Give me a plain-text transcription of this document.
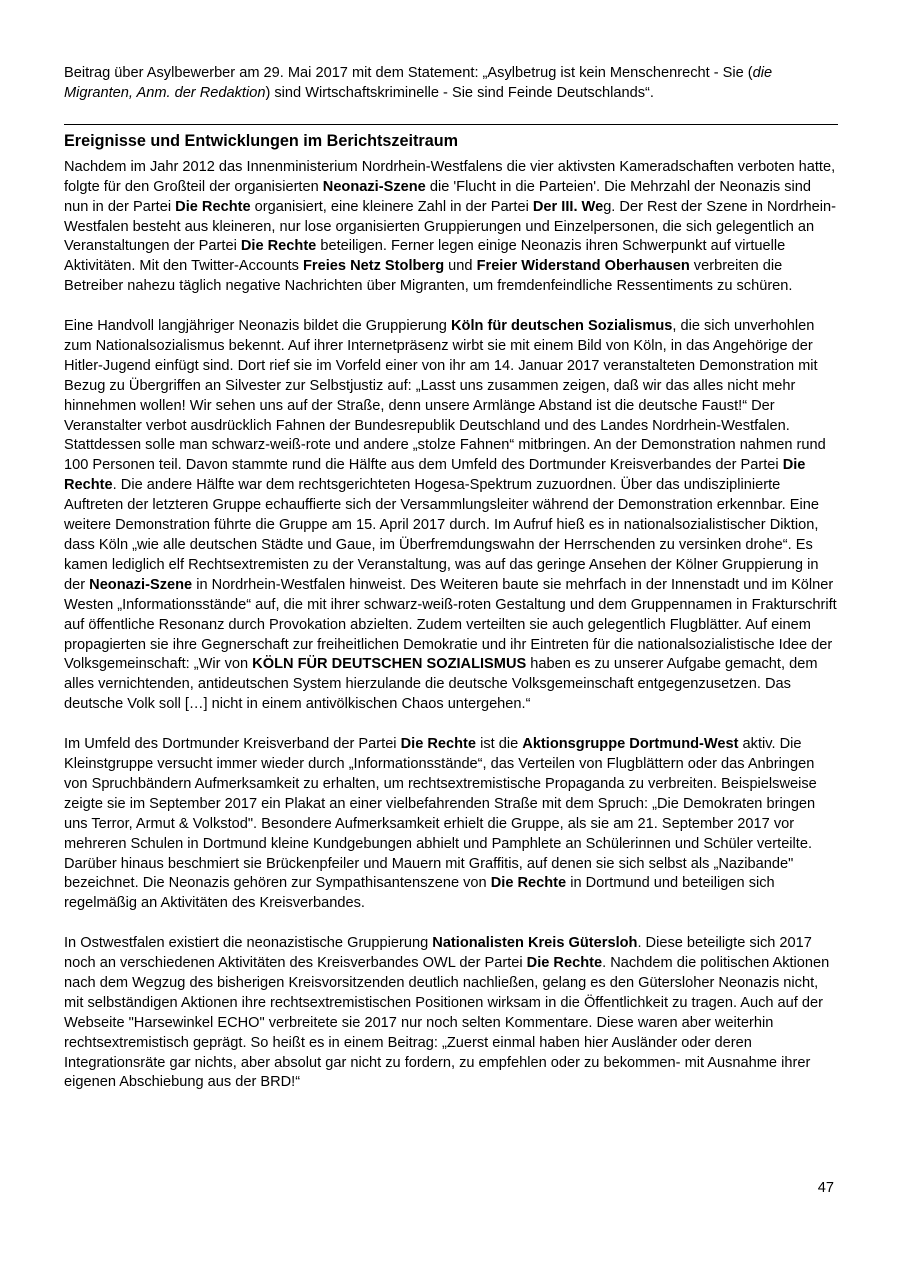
Beitrag über Asylbewerber am 29. Mai 2017 mit dem Statement: „Asylbetrug ist kein Menschenrecht - Sie (die Migranten, Anm. der Redaktion) sind Wirtschaftskriminelle - Sie sind Feinde Deutschlands“.

Ereignisse und Entwicklungen im Berichtszeitraum

Nachdem im Jahr 2012 das Innenministerium Nordrhein-Westfalens die vier aktivsten Kameradschaften verboten hatte, folgte für den Großteil der organisierten Neonazi-Szene die 'Flucht in die Parteien'. Die Mehrzahl der Neonazis sind nun in der Partei Die Rechte organisiert, eine kleinere Zahl in der Partei Der III. Weg. Der Rest der Szene in Nordrhein-Westfalen besteht aus kleineren, nur lose organisierten Gruppierungen und Einzelpersonen, die sich gelegentlich an Veranstaltungen der Partei Die Rechte beteiligen. Ferner legen einige Neonazis ihren Schwerpunkt auf virtuelle Aktivitäten. Mit den Twitter-Accounts Freies Netz Stolberg und Freier Widerstand Oberhausen verbreiten die Betreiber nahezu täglich negative Nachrichten über Migranten, um fremdenfeindliche Ressentiments zu schüren.

Eine Handvoll langjähriger Neonazis bildet die Gruppierung Köln für deutschen Sozialismus, die sich unverhohlen zum Nationalsozialismus bekennt. Auf ihrer Internetpräsenz wirbt sie mit einem Bild von Köln, in das Angehörige der Hitler-Jugend einfügt sind. Dort rief sie im Vorfeld einer von ihr am 14. Januar 2017 veranstalteten Demonstration mit Bezug zu Übergriffen an Silvester zur Selbstjustiz auf: „Lasst uns zusammen zeigen, daß wir das alles nicht mehr hinnehmen wollen! Wir sehen uns auf der Straße, denn unsere Armlänge Abstand ist die deutsche Faust!“ Der Veranstalter verbot ausdrücklich Fahnen der Bundesrepublik Deutschland und des Landes Nordrhein-Westfalen. Stattdessen solle man schwarz-weiß-rote und andere „stolze Fahnen“ mitbringen. An der Demonstration nahmen rund 100 Personen teil. Davon stammte rund die Hälfte aus dem Umfeld des Dortmunder Kreisverbandes der Partei Die Rechte. Die andere Hälfte war dem rechtsgerichteten Hogesa-Spektrum zuzuordnen. Über das undisziplinierte Auftreten der letzteren Gruppe echauffierte sich der Versammlungsleiter während der Demonstration erkennbar. Eine weitere Demonstration führte die Gruppe am 15. April 2017 durch. Im Aufruf hieß es in nationalsozialistischer Diktion, dass Köln „wie alle deutschen Städte und Gaue, im Überfremdungswahn der Herrschenden zu versinken drohe“. Es kamen lediglich elf Rechtsextremisten zu der Veranstaltung, was auf das geringe Ansehen der Kölner Gruppierung in der Neonazi-Szene in Nordrhein-Westfalen hinweist. Des Weiteren baute sie mehrfach in der Innenstadt und im Kölner Westen „Informationsstände“ auf, die mit ihrer schwarz-weiß-roten Gestaltung und dem Gruppennamen in Frakturschrift auf öffentliche Resonanz durch Provokation abzielten. Zudem verteilten sie auch gelegentlich Flugblätter. Auf einem propagierten sie ihre Gegnerschaft zur freiheitlichen Demokratie und ihr Eintreten für die nationalsozialistische Idee der Volksgemeinschaft: „Wir von KÖLN FÜR DEUTSCHEN SOZIALISMUS haben es zu unserer Aufgabe gemacht, dem alles vernichtenden, antideutschen System hierzulande die deutsche Volksgemeinschaft entgegenzusetzen. Das deutsche Volk soll […] nicht in einem antivölkischen Chaos untergehen.“

Im Umfeld des Dortmunder Kreisverband der Partei Die Rechte ist die Aktionsgruppe Dortmund-West aktiv. Die Kleinstgruppe versucht immer wieder durch „Informationsstände“, das Verteilen von Flugblättern oder das Anbringen von Spruchbändern Aufmerksamkeit zu erhalten, um rechtsextremistische Propaganda zu verbreiten. Beispielsweise zeigte sie im September 2017 ein Plakat an einer vielbefahrenden Straße mit dem Spruch: „Die Demokraten bringen uns Terror, Armut & Volkstod". Besondere Aufmerksamkeit erhielt die Gruppe, als sie am 21. September 2017 vor mehreren Schulen in Dortmund kleine Kundgebungen abhielt und Pamphlete an Schülerinnen und Schüler verteilte. Darüber hinaus beschmiert sie Brückenpfeiler und Mauern mit Graffitis, auf denen sie sich selbst als „Nazibande" bezeichnet. Die Neonazis gehören zur Sympathisantenszene von Die Rechte in Dortmund und beteiligen sich regelmäßig an Aktivitäten des Kreisverbandes.

In Ostwestfalen existiert die neonazistische Gruppierung Nationalisten Kreis Gütersloh. Diese beteiligte sich 2017 noch an verschiedenen Aktivitäten des Kreisverbandes OWL der Partei Die Rechte. Nachdem die politischen Aktionen nach dem Wegzug des bisherigen Kreisvorsitzenden deutlich nachließen, gelang es den Gütersloher Neonazis nicht, mit selbständigen Aktionen ihre rechtsextremistischen Positionen wirksam in die Öffentlichkeit zu tragen. Auch auf der Webseite "Harsewinkel ECHO" verbreitete sie 2017 nur noch selten Kommentare. Diese waren aber weiterhin rechtsextremistisch geprägt. So heißt es in einem Beitrag: „Zuerst einmal haben hier Ausländer oder deren Integrationsräte gar nichts, aber absolut gar nicht zu fordern, zu empfehlen oder zu bekommen- mit Ausnahme ihrer eigenen Abschiebung aus der BRD!“

47
